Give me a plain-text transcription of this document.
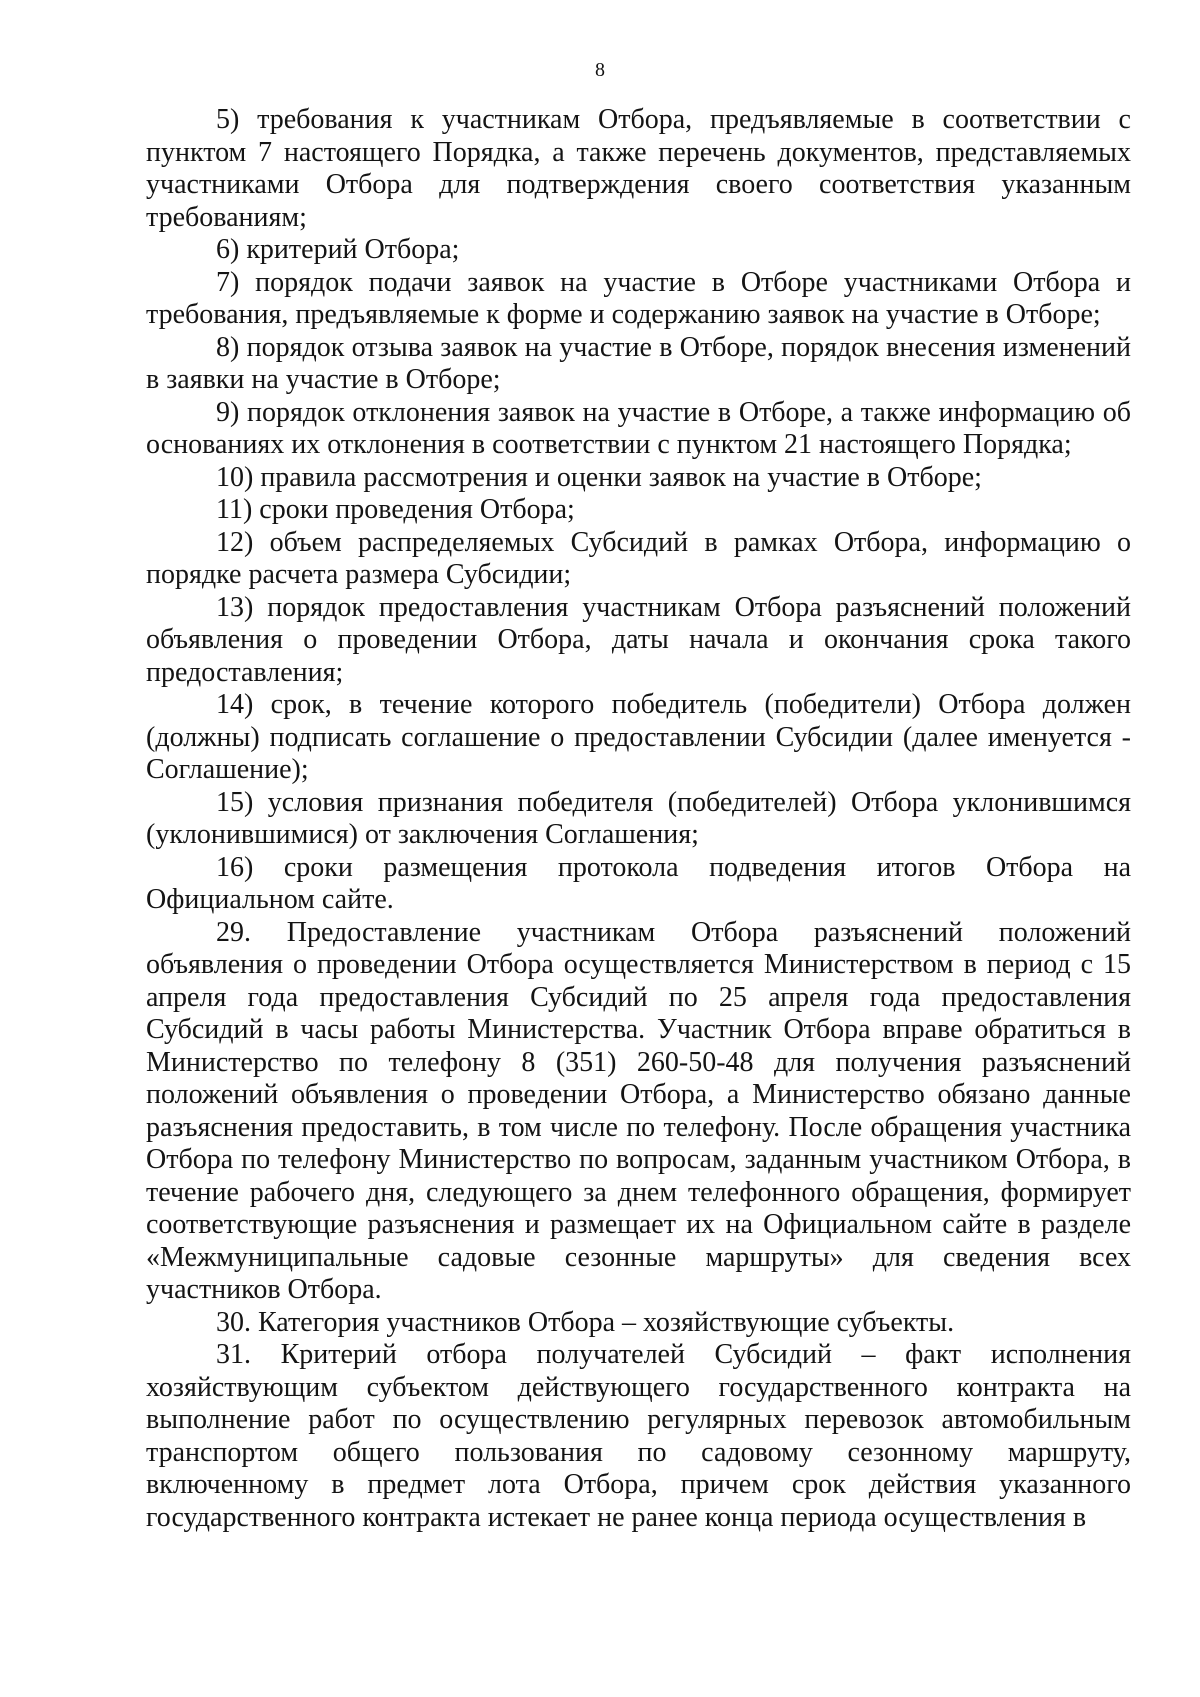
8

5) требования к участникам Отбора, предъявляемые в соответствии с пунктом 7 настоящего Порядка, а также перечень документов, представляемых участниками Отбора для подтверждения своего соответствия указанным требованиям;

6) критерий Отбора;

7) порядок подачи заявок на участие в Отборе участниками Отбора и требования, предъявляемые к форме и содержанию заявок на участие в Отборе;

8) порядок отзыва заявок на участие в Отборе, порядок внесения изменений в заявки на участие в Отборе;

9) порядок отклонения заявок на участие в Отборе, а также информацию об основаниях их отклонения в соответствии с пунктом 21 настоящего Порядка;

10) правила рассмотрения и оценки заявок на участие в Отборе;

11) сроки проведения Отбора;

12) объем распределяемых Субсидий в рамках Отбора, информацию о порядке расчета размера Субсидии;

13) порядок предоставления участникам Отбора разъяснений положений объявления о проведении Отбора, даты начала и окончания срока такого предоставления;

14) срок, в течение которого победитель (победители) Отбора должен (должны) подписать соглашение о предоставлении Субсидии (далее именуется - Соглашение);

15) условия признания победителя (победителей) Отбора уклонившимся (уклонившимися) от заключения Соглашения;

16) сроки размещения протокола подведения итогов Отбора на Официальном сайте.

29. Предоставление участникам Отбора разъяснений положений объявления о проведении Отбора осуществляется Министерством в период с 15 апреля года предоставления Субсидий по 25 апреля года предоставления Субсидий в часы работы Министерства. Участник Отбора вправе обратиться в Министерство по телефону 8 (351) 260-50-48 для получения разъяснений положений объявления о проведении Отбора, а Министерство обязано данные разъяснения предоставить, в том числе по телефону. После обращения участника Отбора по телефону Министерство по вопросам, заданным участником Отбора, в течение рабочего дня, следующего за днем телефонного обращения, формирует соответствующие разъяснения и размещает их на Официальном сайте в разделе «Межмуниципальные садовые сезонные маршруты» для сведения всех участников Отбора.

30. Категория участников Отбора – хозяйствующие субъекты.

31. Критерий отбора получателей Субсидий – факт исполнения хозяйствующим субъектом действующего государственного контракта на выполнение работ по осуществлению регулярных перевозок автомобильным транспортом общего пользования по садовому сезонному маршруту, включенному в предмет лота Отбора, причем срок действия указанного государственного контракта истекает не ранее конца периода осуществления в
